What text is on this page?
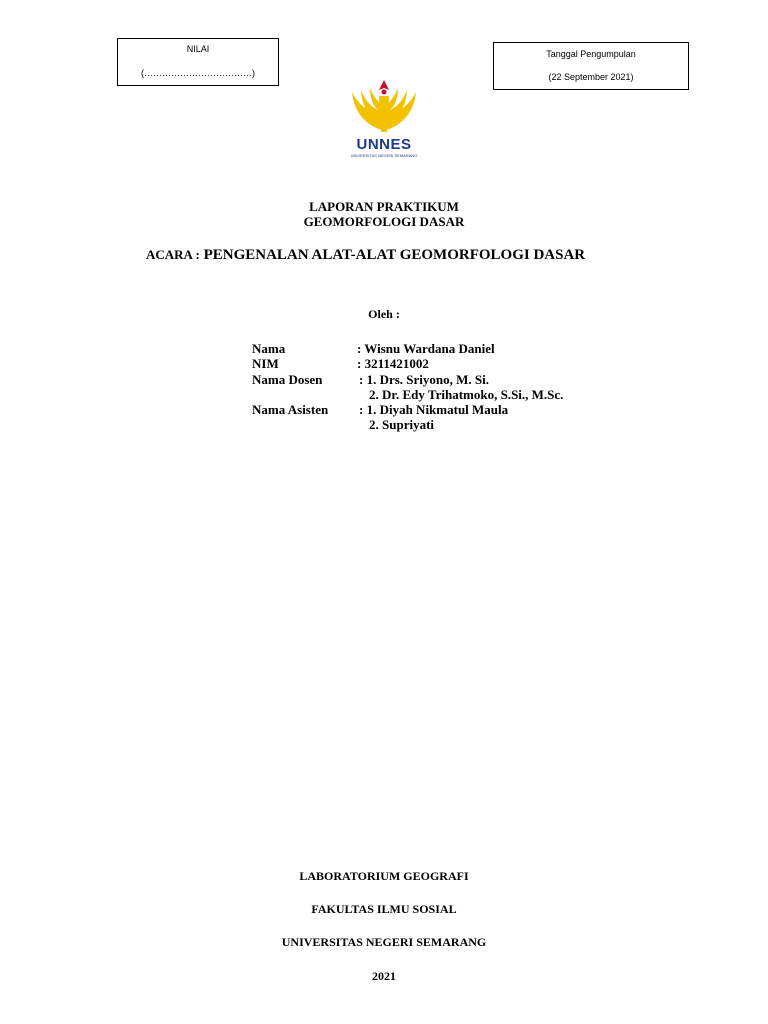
NILAI
(………………………………)
Tanggal Pengumpulan
(22 September 2021)
UNNES
UNIVERSITAS NEGERI SEMARANG
LAPORAN PRAKTIKUM
GEOMORFOLOGI DASAR
ACARA : PENGENALAN ALAT-ALAT GEOMORFOLOGI DASAR
Oleh :
Nama	: Wisnu Wardana Daniel
NIM	: 3211421002
Nama Dosen	: 1. Drs. Sriyono, M. Si.
2. Dr. Edy Trihatmoko, S.Si., M.Sc.
Nama Asisten : 1. Diyah Nikmatul Maula
2. Supriyati
LABORATORIUM GEOGRAFI
FAKULTAS ILMU SOSIAL
UNIVERSITAS NEGERI SEMARANG
2021
